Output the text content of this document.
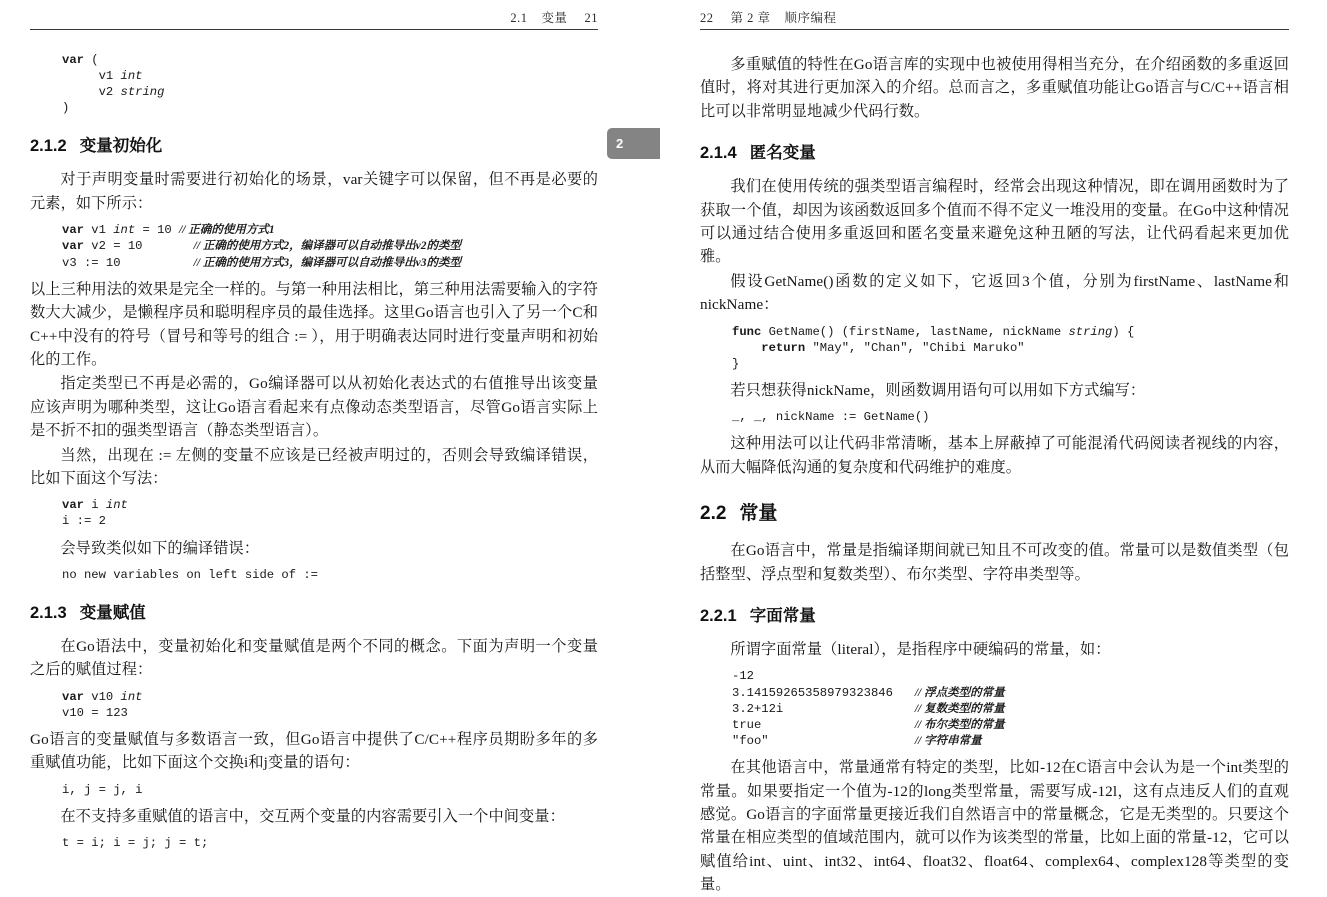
2.1 变量 21
var (
v1 int
v2 string
)
2.1.2 变量初始化

对于声明变量时需要进行初始化的场景，var关键字可以保留，但不再是必要的元素，如下所示：

var v1 int = 10 // 正确的使用方式1
var v2 = 10       // 正确的使用方式2，编译器可以自动推导出v2的类型
v3 := 10          // 正确的使用方式3，编译器可以自动推导出v3的类型

以上三种用法的效果是完全一样的。与第一种用法相比，第三种用法需要输入的字符数大大减少，是懒程序员和聪明程序员的最佳选择。这里Go语言也引入了另一个C和C++中没有的符号（冒号和等号的组合 := ），用于明确表达同时进行变量声明和初始化的工作。

指定类型已不再是必需的，Go编译器可以从初始化表达式的右值推导出该变量应该声明为哪种类型，这让Go语言看起来有点像动态类型语言，尽管Go语言实际上是不折不扣的强类型语言（静态类型语言）。

当然，出现在 := 左侧的变量不应该是已经被声明过的，否则会导致编译错误，比如下面这个写法：

var i int
i := 2

会导致类似如下的编译错误：

no new variables on left side of :=
2.1.3 变量赋值

在Go语法中，变量初始化和变量赋值是两个不同的概念。下面为声明一个变量之后的赋值过程：

var v10 int
v10 = 123

Go语言的变量赋值与多数语言一致，但Go语言中提供了C/C++程序员期盼多年的多重赋值功能，比如下面这个交换i和j变量的语句：

i, j = j, i

在不支持多重赋值的语言中，交互两个变量的内容需要引入一个中间变量：

t = i; i = j; j = t;
2
22 第 2 章 顺序编程

多重赋值的特性在Go语言库的实现中也被使用得相当充分，在介绍函数的多重返回值时，将对其进行更加深入的介绍。总而言之，多重赋值功能让Go语言与C/C++语言相比可以非常明显地减少代码行数。

2.1.4 匿名变量

我们在使用传统的强类型语言编程时，经常会出现这种情况，即在调用函数时为了获取一个值，却因为该函数返回多个值而不得不定义一堆没用的变量。在Go中这种情况可以通过结合使用多重返回和匿名变量来避免这种丑陋的写法，让代码看起来更加优雅。

假设GetName()函数的定义如下，它返回3个值，分别为firstName、lastName和nickName：

func GetName() (firstName, lastName, nickName string) {
return "May", "Chan", "Chibi Maruko"
}

若只想获得nickName，则函数调用语句可以用如下方式编写：

_, _, nickName := GetName()

这种用法可以让代码非常清晰，基本上屏蔽掉了可能混淆代码阅读者视线的内容，从而大幅降低沟通的复杂度和代码维护的难度。

2.2 常量

在Go语言中，常量是指编译期间就已知且不可改变的值。常量可以是数值类型（包括整型、浮点型和复数类型）、布尔类型、字符串类型等。

2.2.1 字面常量

所谓字面常量（literal），是指程序中硬编码的常量，如：

-12
3.14159265358979323846   // 浮点类型的常量
3.2+12i                  // 复数类型的常量
true                     // 布尔类型的常量
"foo"                    // 字符串常量

在其他语言中，常量通常有特定的类型，比如-12在C语言中会认为是一个int类型的常量。如果要指定一个值为-12的long类型常量，需要写成-12l，这有点违反人们的直观感觉。Go语言的字面常量更接近我们自然语言中的常量概念，它是无类型的。只要这个常量在相应类型的值域范围内，就可以作为该类型的常量，比如上面的常量-12，它可以赋值给int、uint、int32、int64、float32、float64、complex64、complex128等类型的变量。
